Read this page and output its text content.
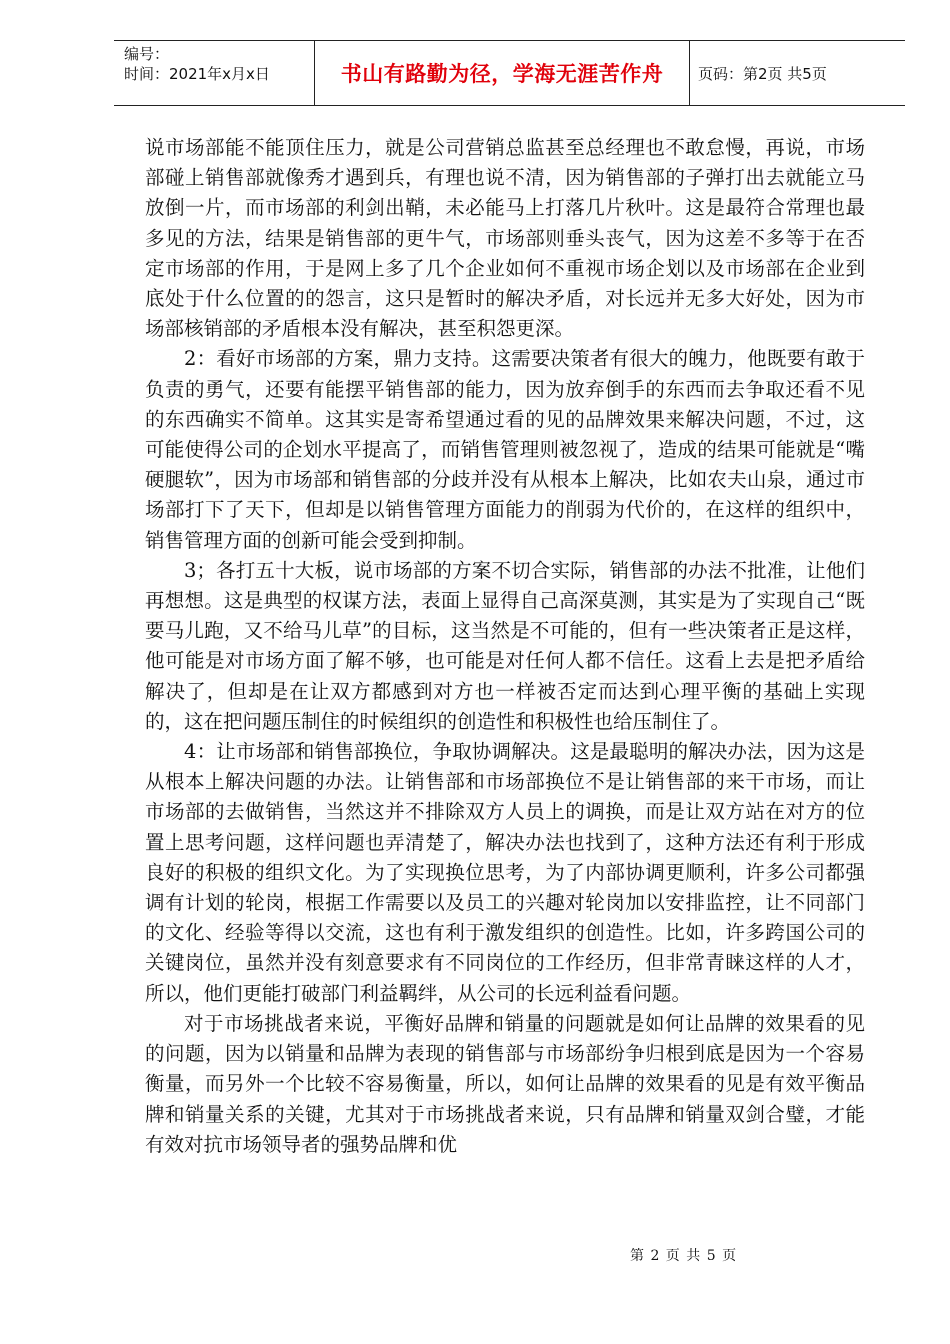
编号：
时间：2021年x月x日	书山有路勤为径，学海无涯苦作舟	页码：第2页 共5页

说市场部能不能顶住压力，就是公司营销总监甚至总经理也不敢怠慢，再说，市场部碰上销售部就像秀才遇到兵，有理也说不清，因为销售部的子弹打出去就能立马放倒一片，而市场部的利剑出鞘，未必能马上打落几片秋叶。这是最符合常理也最多见的方法，结果是销售部的更牛气，市场部则垂头丧气，因为这差不多等于在否定市场部的作用，于是网上多了几个企业如何不重视市场企划以及市场部在企业到底处于什么位置的的怨言，这只是暂时的解决矛盾，对长远并无多大好处，因为市场部核销部的矛盾根本没有解决，甚至积怨更深。

2：看好市场部的方案，鼎力支持。这需要决策者有很大的魄力，他既要有敢于负责的勇气，还要有能摆平销售部的能力，因为放弃倒手的东西而去争取还看不见的东西确实不简单。这其实是寄希望通过看的见的品牌效果来解决问题，不过，这可能使得公司的企划水平提高了，而销售管理则被忽视了，造成的结果可能就是“嘴硬腿软”，因为市场部和销售部的分歧并没有从根本上解决，比如农夫山泉，通过市场部打下了天下，但却是以销售管理方面能力的削弱为代价的，在这样的组织中，销售管理方面的创新可能会受到抑制。

3；各打五十大板，说市场部的方案不切合实际，销售部的办法不批准，让他们再想想。这是典型的权谋方法，表面上显得自己高深莫测，其实是为了实现自己“既要马儿跑，又不给马儿草”的目标，这当然是不可能的，但有一些决策者正是这样，他可能是对市场方面了解不够，也可能是对任何人都不信任。这看上去是把矛盾给解决了，但却是在让双方都感到对方也一样被否定而达到心理平衡的基础上实现的，这在把问题压制住的时候组织的创造性和积极性也给压制住了。

4：让市场部和销售部换位，争取协调解决。这是最聪明的解决办法，因为这是从根本上解决问题的办法。让销售部和市场部换位不是让销售部的来干市场，而让市场部的去做销售，当然这并不排除双方人员上的调换，而是让双方站在对方的位置上思考问题，这样问题也弄清楚了，解决办法也找到了，这种方法还有利于形成良好的积极的组织文化。为了实现换位思考，为了内部协调更顺利，许多公司都强调有计划的轮岗，根据工作需要以及员工的兴趣对轮岗加以安排监控，让不同部门的文化、经验等得以交流，这也有利于激发组织的创造性。比如，许多跨国公司的关键岗位，虽然并没有刻意要求有不同岗位的工作经历，但非常青睐这样的人才，所以，他们更能打破部门利益羁绊，从公司的长远利益看问题。

对于市场挑战者来说，平衡好品牌和销量的问题就是如何让品牌的效果看的见的问题，因为以销量和品牌为表现的销售部与市场部纷争归根到底是因为一个容易衡量，而另外一个比较不容易衡量，所以，如何让品牌的效果看的见是有效平衡品牌和销量关系的关键，尤其对于市场挑战者来说，只有品牌和销量双剑合璧，才能有效对抗市场领导者的强势品牌和优

第 2 页 共 5 页
